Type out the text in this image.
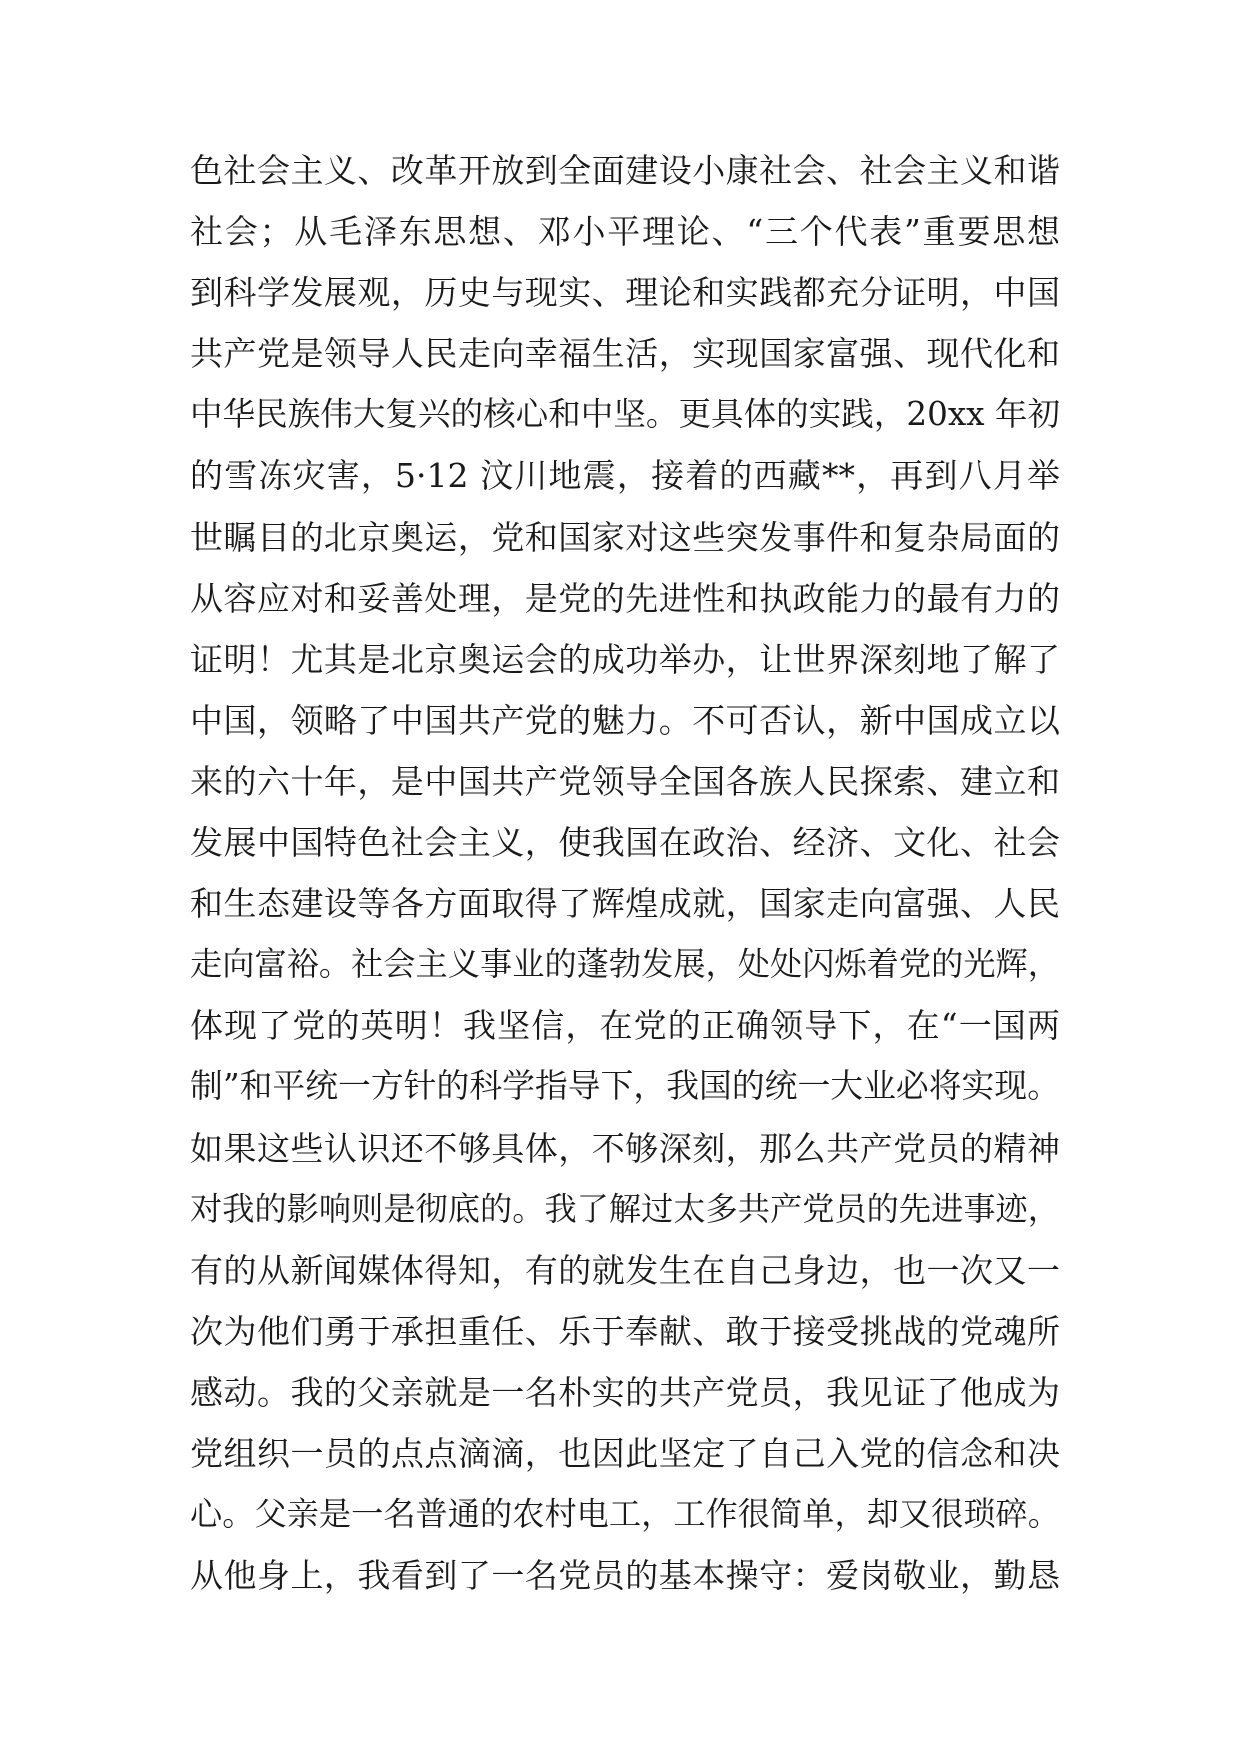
色社会主义、改革开放到全面建设小康社会、社会主义和谐
社会；从毛泽东思想、邓小平理论、“三个代表”重要思想
到科学发展观，历史与现实、理论和实践都充分证明，中国
共产党是领导人民走向幸福生活，实现国家富强、现代化和
中华民族伟大复兴的核心和中坚。更具体的实践，20xx 年初
的雪冻灾害，5·12 汶川地震，接着的西藏**，再到八月举
世瞩目的北京奥运，党和国家对这些突发事件和复杂局面的
从容应对和妥善处理，是党的先进性和执政能力的最有力的
证明！尤其是北京奥运会的成功举办，让世界深刻地了解了
中国，领略了中国共产党的魅力。不可否认，新中国成立以
来的六十年，是中国共产党领导全国各族人民探索、建立和
发展中国特色社会主义，使我国在政治、经济、文化、社会
和生态建设等各方面取得了辉煌成就，国家走向富强、人民
走向富裕。社会主义事业的蓬勃发展，处处闪烁着党的光辉，
体现了党的英明！我坚信，在党的正确领导下，在“一国两
制”和平统一方针的科学指导下，我国的统一大业必将实现。
如果这些认识还不够具体，不够深刻，那么共产党员的精神
对我的影响则是彻底的。我了解过太多共产党员的先进事迹，
有的从新闻媒体得知，有的就发生在自己身边，也一次又一
次为他们勇于承担重任、乐于奉献、敢于接受挑战的党魂所
感动。我的父亲就是一名朴实的共产党员，我见证了他成为
党组织一员的点点滴滴，也因此坚定了自己入党的信念和决
心。父亲是一名普通的农村电工，工作很简单，却又很琐碎。
从他身上，我看到了一名党员的基本操守：爱岗敬业，勤恳
